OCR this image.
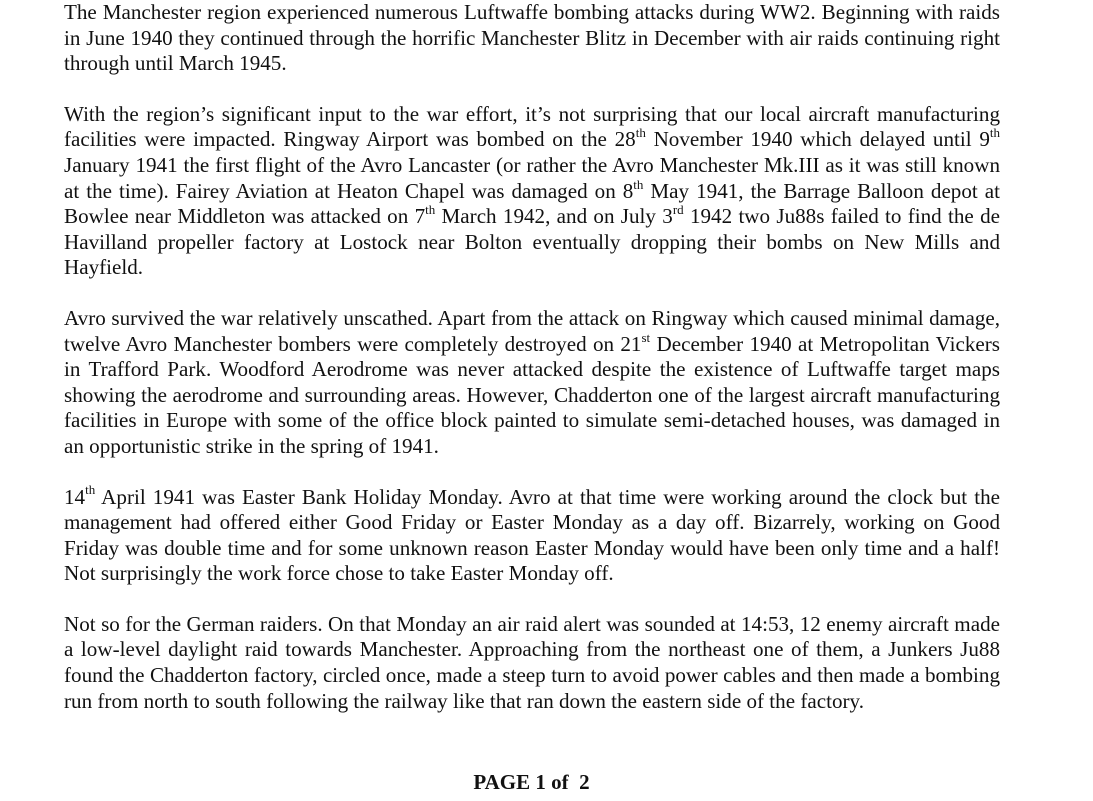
The Manchester region experienced numerous Luftwaffe bombing attacks during WW2. Beginning with raids in June 1940 they continued through the horrific Manchester Blitz in December with air raids continuing right through until March 1945.

With the region’s significant input to the war effort, it’s not surprising that our local aircraft manufacturing facilities were impacted. Ringway Airport was bombed on the 28th November 1940 which delayed until 9th January 1941 the first flight of the Avro Lancaster (or rather the Avro Manchester Mk.III as it was still known at the time). Fairey Aviation at Heaton Chapel was damaged on 8th May 1941, the Barrage Balloon depot at Bowlee near Middleton was attacked on 7th March 1942, and on July 3rd 1942 two Ju88s failed to find the de Havilland propeller factory at Lostock near Bolton eventually dropping their bombs on New Mills and Hayfield.

Avro survived the war relatively unscathed. Apart from the attack on Ringway which caused minimal damage, twelve Avro Manchester bombers were completely destroyed on 21st December 1940 at Metropolitan Vickers in Trafford Park. Woodford Aerodrome was never attacked despite the existence of Luftwaffe target maps showing the aerodrome and surrounding areas. However, Chadderton one of the largest aircraft manufacturing facilities in Europe with some of the office block painted to simulate semi-detached houses, was damaged in an opportunistic strike in the spring of 1941.

14th April 1941 was Easter Bank Holiday Monday. Avro at that time were working around the clock but the management had offered either Good Friday or Easter Monday as a day off. Bizarrely, working on Good Friday was double time and for some unknown reason Easter Monday would have been only time and a half! Not surprisingly the work force chose to take Easter Monday off.

Not so for the German raiders. On that Monday an air raid alert was sounded at 14:53, 12 enemy aircraft made a low-level daylight raid towards Manchester. Approaching from the northeast one of them, a Junkers Ju88 found the Chadderton factory, circled once, made a steep turn to avoid power cables and then made a bombing run from north to south following the railway like that ran down the eastern side of the factory.

PAGE 1 of  2
